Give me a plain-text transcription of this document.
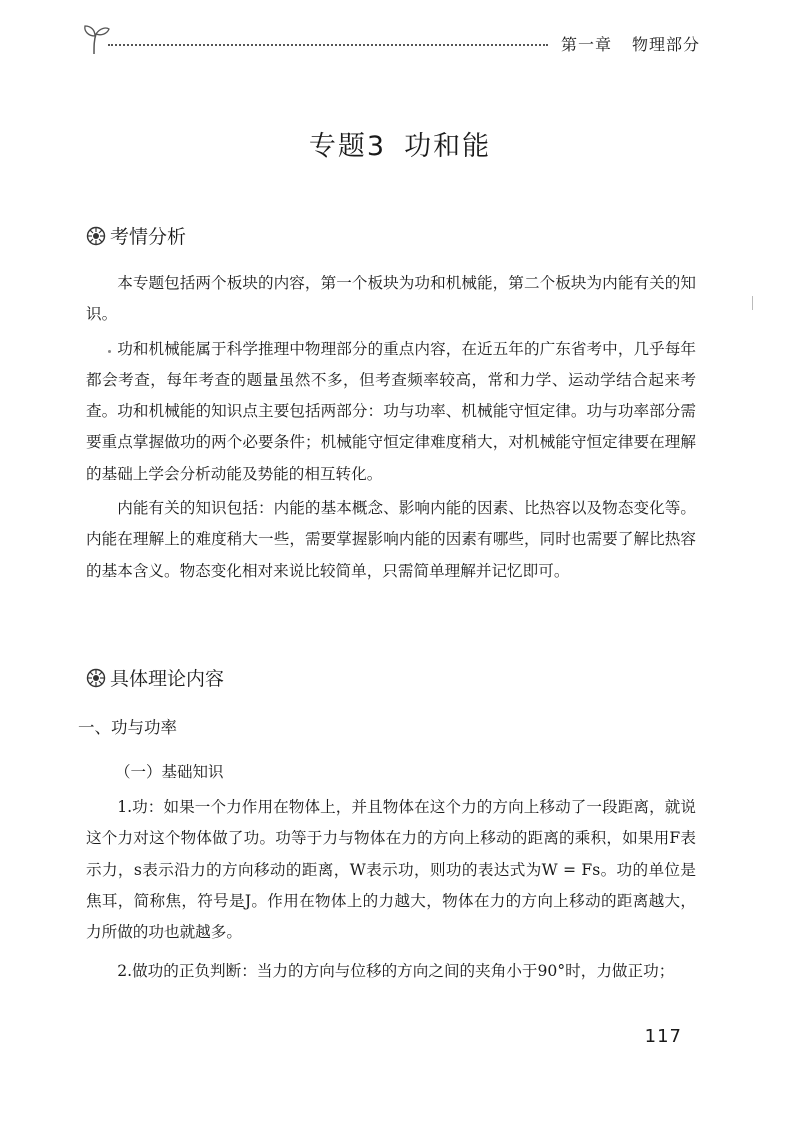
第一章 物理部分
专题3 功和能
考情分析

本专题包括两个板块的内容，第一个板块为功和机械能，第二个板块为内能有关的知识。

功和机械能属于科学推理中物理部分的重点内容，在近五年的广东省考中，几乎每年都会考查，每年考查的题量虽然不多，但考查频率较高，常和力学、运动学结合起来考查。功和机械能的知识点主要包括两部分：功与功率、机械能守恒定律。功与功率部分需要重点掌握做功的两个必要条件；机械能守恒定律难度稍大，对机械能守恒定律要在理解的基础上学会分析动能及势能的相互转化。

内能有关的知识包括：内能的基本概念、影响内能的因素、比热容以及物态变化等。内能在理解上的难度稍大一些，需要掌握影响内能的因素有哪些，同时也需要了解比热容的基本含义。物态变化相对来说比较简单，只需简单理解并记忆即可。

具体理论内容
一、功与功率
（一）基础知识

1.功：如果一个力作用在物体上，并且物体在这个力的方向上移动了一段距离，就说这个力对这个物体做了功。功等于力与物体在力的方向上移动的距离的乘积，如果用F表示力，s表示沿力的方向移动的距离，W表示功，则功的表达式为W = Fs。功的单位是焦耳，简称焦，符号是J。作用在物体上的力越大，物体在力的方向上移动的距离越大，力所做的功也就越多。

2.做功的正负判断：当力的方向与位移的方向之间的夹角小于90°时，力做正功；

117
